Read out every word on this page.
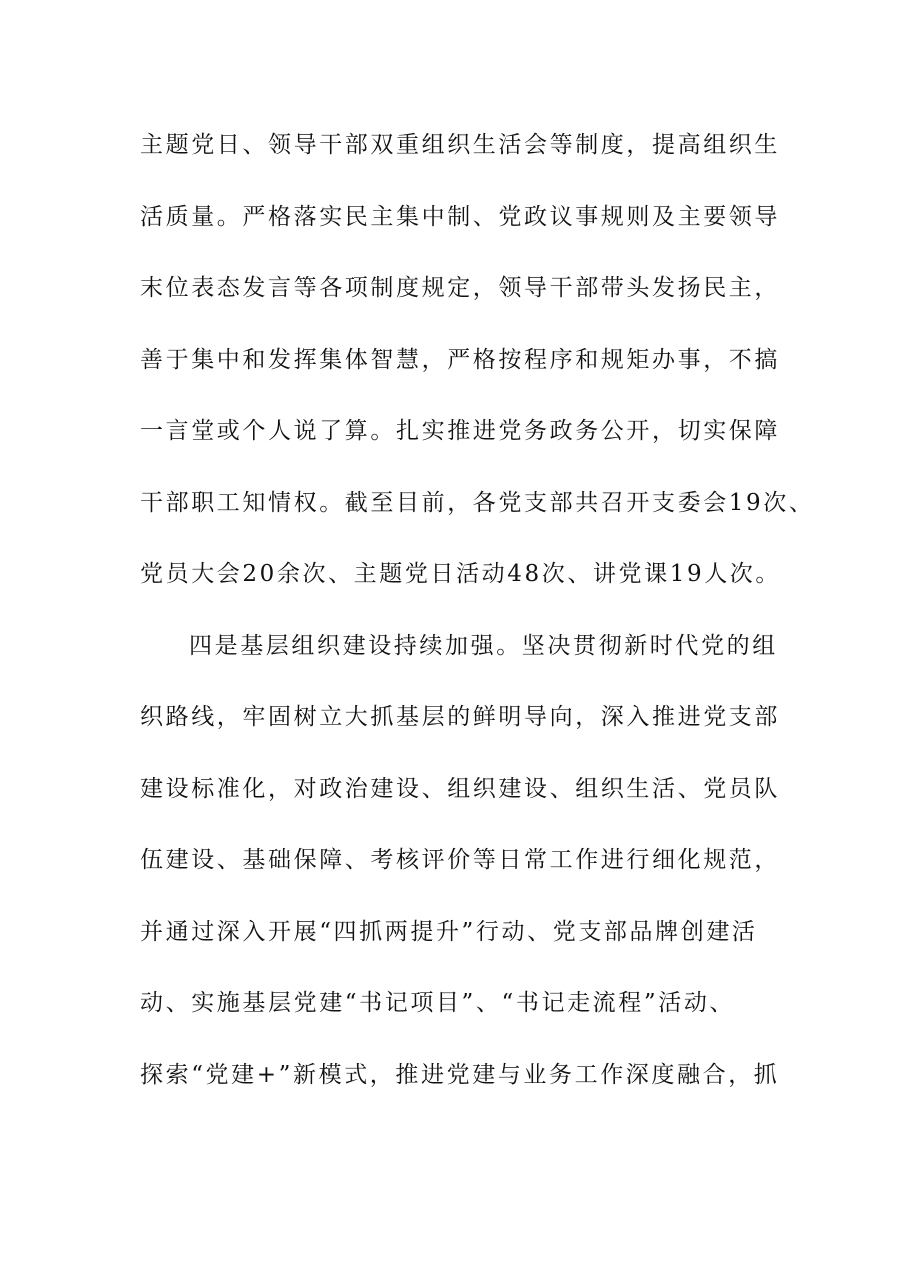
主题党日、领导干部双重组织生活会等制度，提高组织生
活质量。严格落实民主集中制、党政议事规则及主要领导
末位表态发言等各项制度规定，领导干部带头发扬民主，
善于集中和发挥集体智慧，严格按程序和规矩办事，不搞
一言堂或个人说了算。扎实推进党务政务公开，切实保障
干部职工知情权。截至目前，各党支部共召开支委会19次、
党员大会20余次、主题党日活动48次、讲党课19人次。
四是基层组织建设持续加强。坚决贯彻新时代党的组
织路线，牢固树立大抓基层的鲜明导向，深入推进党支部
建设标准化，对政治建设、组织建设、组织生活、党员队
伍建设、基础保障、考核评价等日常工作进行细化规范，
并通过深入开展“四抓两提升”行动、党支部品牌创建活
动、实施基层党建“书记项目”、“书记走流程”活动、
探索“党建+”新模式，推进党建与业务工作深度融合，抓
